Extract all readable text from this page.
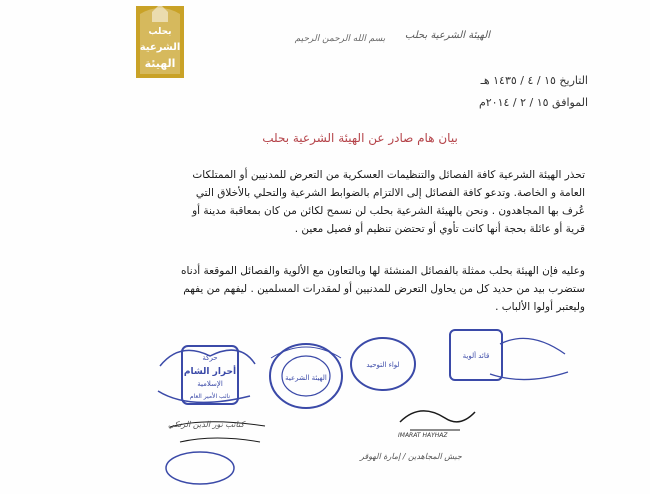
بحلب
الشرعية
الهيئة
الهيئة الشرعية بحلب
بسم الله الرحمن الرحيم
التاريخ ١٥ / ٤ / ١٤٣٥ هـ
الموافق ١٥ / ٢ / ٢٠١٤م
بيان هام صادر عن الهيئة الشرعية بحلب
تحذر الهيئة الشرعية كافة الفصائل والتنظيمات العسكرية من التعرض للمدنيين أو الممتلكات العامة و الخاصة. وتدعو كافة الفصائل إلى الالتزام بالضوابط الشرعية والتحلي بالأخلاق التي عُرف بها المجاهدون . ونحن بالهيئة الشرعية بحلب لن نسمح لكائن من كان بمعاقبة مدينة أو قرية أو عائلة بحجة أنها كانت تأوي أو تحتضن تنظيم أو فصيل معين .
وعليه فإن الهيئة بحلب ممثلة بالفصائل المنشئة لها وبالتعاون مع الألوية والفصائل الموقعة أدناه ستضرب بيد من حديد كل من يحاول التعرض للمدنيين أو لمقدرات المسلمين . ليفهم من يفهم وليعتبر أولوا الألباب .
حركة
أحرار الشام
الإسلامية
نائب الأمير العام
الهيئة الشرعية
لواء التوحيد
قائد ألوية
IMARAT HAYHAZ
كتائب نور الدين الزنكي
جيش المجاهدين / إمارة الهوقر
